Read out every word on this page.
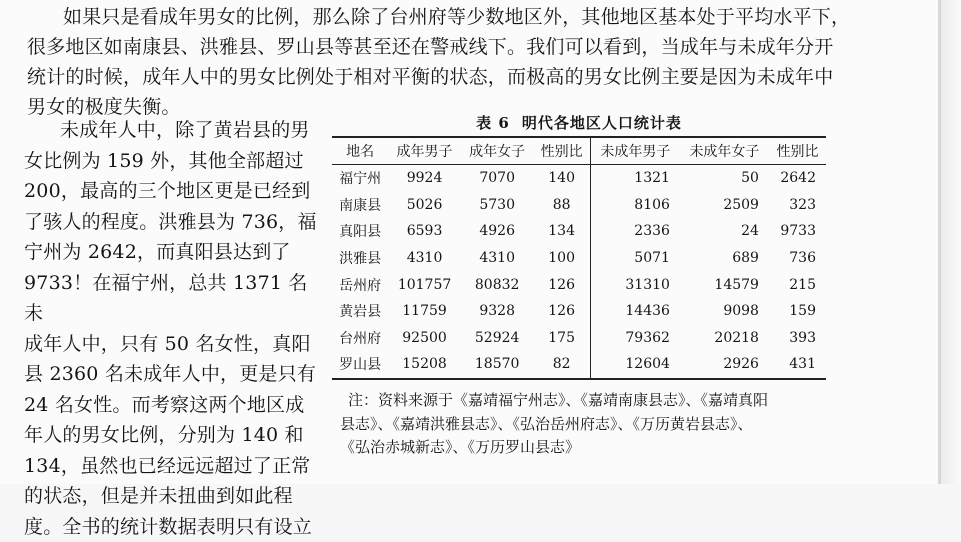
如果只是看成年男女的比例，那么除了台州府等少数地区外，其他地区基本处于平均水平下，
很多地区如南康县、洪雅县、罗山县等甚至还在警戒线下。我们可以看到，当成年与未成年分开
统计的时候，成年人中的男女比例处于相对平衡的状态，而极高的男女比例主要是因为未成年中
男女的极度失衡。

未成年人中，除了黄岩县的男

女比例为 159 外，其他全部超过

200，最高的三个地区更是已经到

了骇人的程度。洪雅县为 736，福

宁州为 2642，而真阳县达到了

9733！在福宁州，总共 1371 名未

成年人中，只有 50 名女性，真阳

县 2360 名未成年人中，更是只有

24 名女性。而考察这两个地区成

年人的男女比例，分别为 140 和

134，虽然也已经远远超过了正常

的状态，但是并未扭曲到如此程

度。全书的统计数据表明只有设立

表 6 明代各地区人口统计表
地名	成年男子	成年女子	性别比	未成年男子	未成年女子	性别比
福宁州	9924	7070	140	1321	50	2642
南康县	5026	5730	88	8106	2509	323
真阳县	6593	4926	134	2336	24	9733
洪雅县	4310	4310	100	5071	689	736
岳州府	101757	80832	126	31310	14579	215
黄岩县	11759	9328	126	14436	9098	159
台州府	92500	52924	175	79362	20218	393
罗山县	15208	18570	82	12604	2926	431
注：资料来源于《嘉靖福宁州志》、《嘉靖南康县志》、《嘉靖真阳
县志》、《嘉靖洪雅县志》、《弘治岳州府志》、《万历黄岩县志》、
《弘治赤城新志》、《万历罗山县志》
